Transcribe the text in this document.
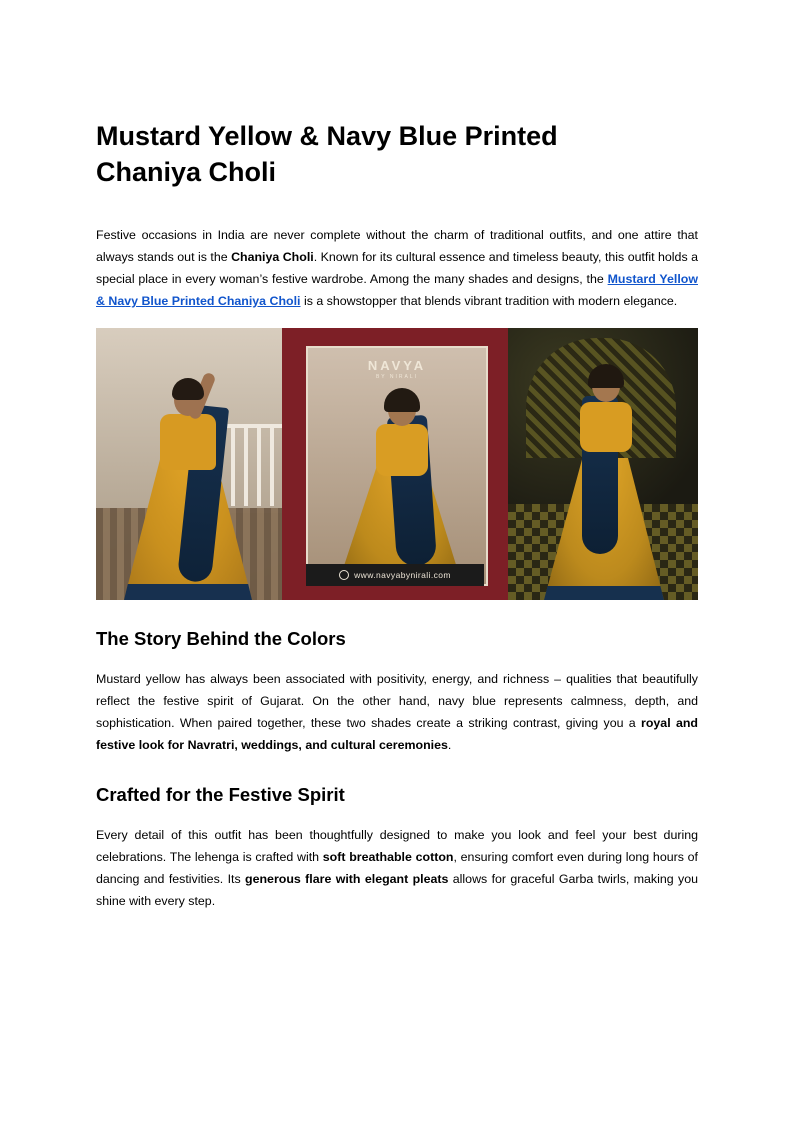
Mustard Yellow & Navy Blue Printed
Chaniya Choli

Festive occasions in India are never complete without the charm of traditional outfits, and one attire that always stands out is the Chaniya Choli. Known for its cultural essence and timeless beauty, this outfit holds a special place in every woman’s festive wardrobe. Among the many shades and designs, the Mustard Yellow & Navy Blue Printed Chaniya Choli is a showstopper that blends vibrant tradition with modern elegance.

NAVYA
BY NIRALI
www.navyabynirali.com
The Story Behind the Colors

Mustard yellow has always been associated with positivity, energy, and richness – qualities that beautifully reflect the festive spirit of Gujarat. On the other hand, navy blue represents calmness, depth, and sophistication. When paired together, these two shades create a striking contrast, giving you a royal and festive look for Navratri, weddings, and cultural ceremonies.

Crafted for the Festive Spirit

Every detail of this outfit has been thoughtfully designed to make you look and feel your best during celebrations. The lehenga is crafted with soft breathable cotton, ensuring comfort even during long hours of dancing and festivities. Its generous flare with elegant pleats allows for graceful Garba twirls, making you shine with every step.
